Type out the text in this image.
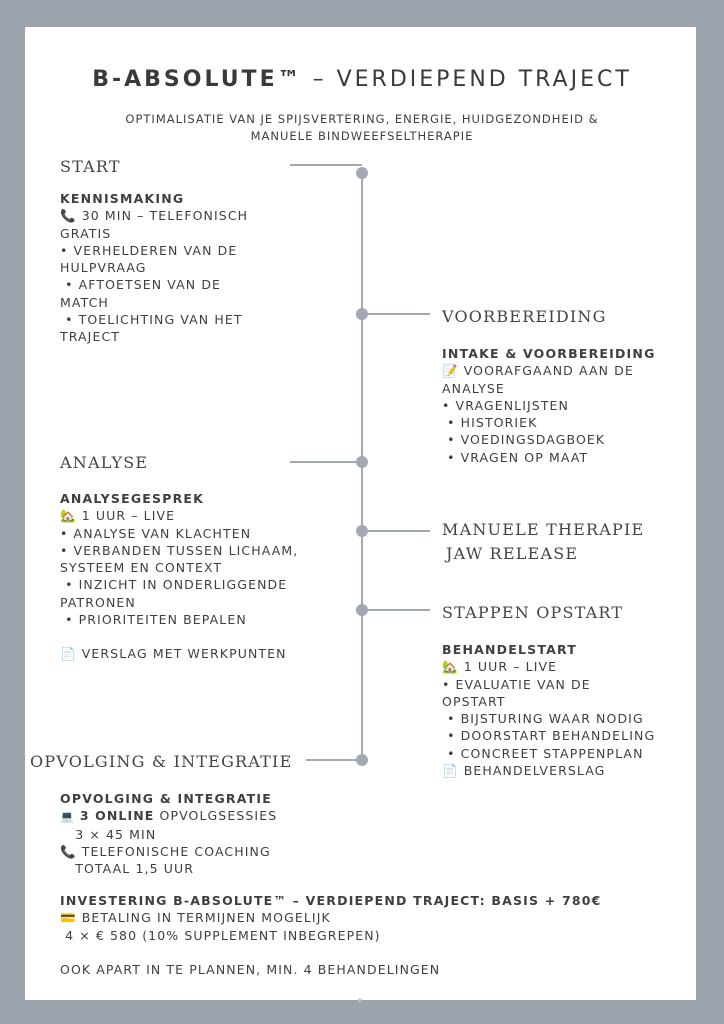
B-ABSOLUTE™ – VERDIEPEND TRAJECT
OPTIMALISATIE VAN JE SPIJSVERTERING, ENERGIE, HUIDGEZONDHEID &
MANUELE BINDWEEFSELTHERAPIE
START
VOORBEREIDING
ANALYSE
MANUELE THERAPIE
JAW RELEASE
STAPPEN OPSTART
OPVOLGING & INTEGRATIE
KENNISMAKING
📞 30 MIN – TELEFONISCH
GRATIS
• VERHELDEREN VAN DE
HULPVRAAG
• AFTOETSEN VAN DE
MATCH
• TOELICHTING VAN HET
TRAJECT
INTAKE & VOORBEREIDING
📝 VOORAFGAAND AAN DE
ANALYSE
• VRAGENLIJSTEN
• HISTORIEK
• VOEDINGSDAGBOEK
• VRAGEN OP MAAT
ANALYSEGESPREK
🏡 1 UUR – LIVE
• ANALYSE VAN KLACHTEN
• VERBANDEN TUSSEN LICHAAM,
SYSTEEM EN CONTEXT
• INZICHT IN ONDERLIGGENDE
PATRONEN
• PRIORITEITEN BEPALEN
📄 VERSLAG MET WERKPUNTEN	BEHANDELSTART
🏡 1 UUR – LIVE
• EVALUATIE VAN DE
OPSTART
• BIJSTURING WAAR NODIG
• DOORSTART BEHANDELING
• CONCREET STAPPENPLAN
📄 BEHANDELVERSLAG
OPVOLGING & INTEGRATIE
💻 3 ONLINE OPVOLGSESSIES
3 × 45 MIN
📞 TELEFONISCHE COACHING
TOTAAL 1,5 UUR
INVESTERING B-ABSOLUTE™ – VERDIEPEND TRAJECT: BASIS + 780€
💳 BETALING IN TERMIJNEN MOGELIJK
4 × € 580 (10% SUPPLEMENT INBEGREPEN)
OOK APART IN TE PLANNEN, MIN. 4 BEHANDELINGEN
✦
